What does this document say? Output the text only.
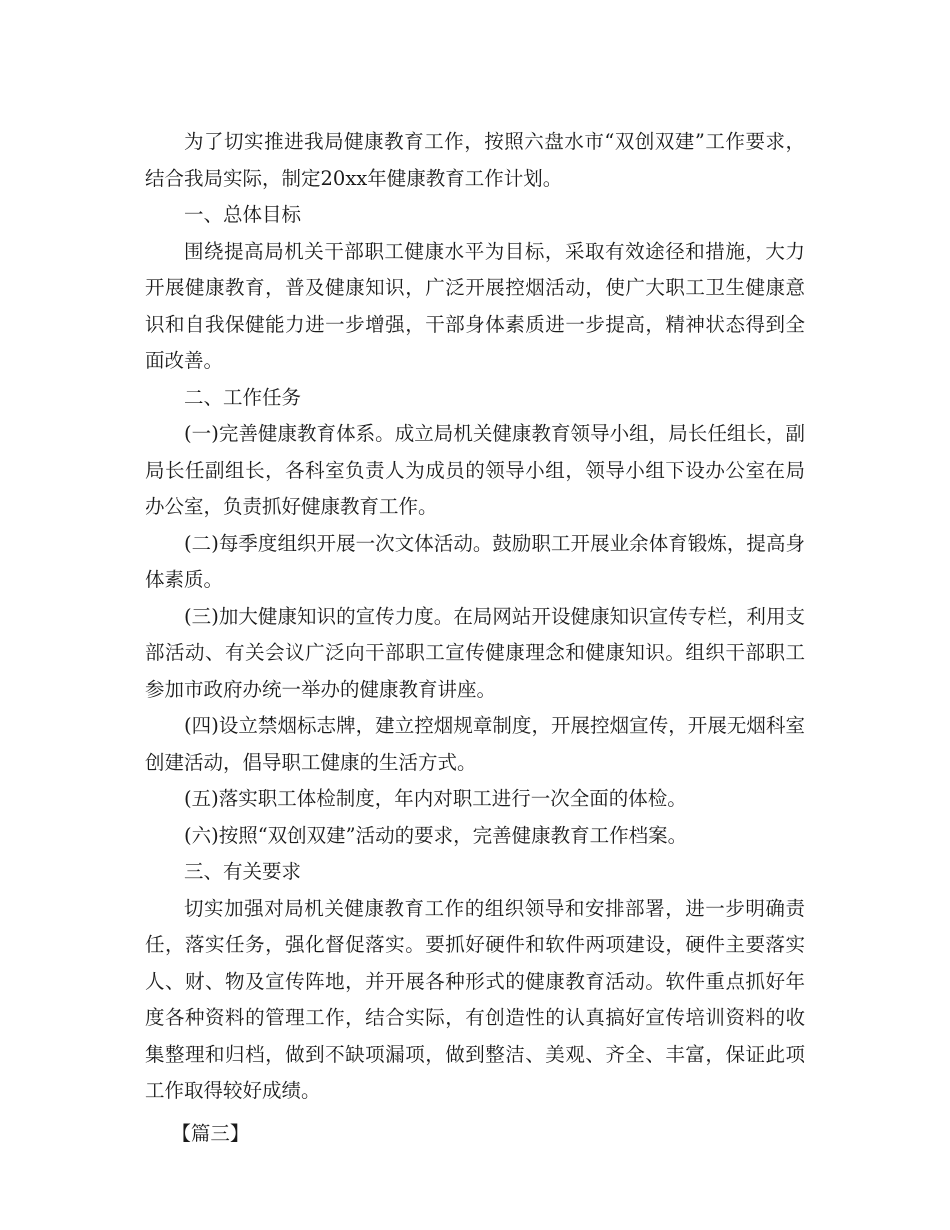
为了切实推进我局健康教育工作，按照六盘水市“双创双建”工作要求，结合我局实际，制定20xx年健康教育工作计划。

一、总体目标

围绕提高局机关干部职工健康水平为目标，采取有效途径和措施，大力开展健康教育，普及健康知识，广泛开展控烟活动，使广大职工卫生健康意识和自我保健能力进一步增强，干部身体素质进一步提高，精神状态得到全面改善。

二、工作任务

(一)完善健康教育体系。成立局机关健康教育领导小组，局长任组长，副局长任副组长，各科室负责人为成员的领导小组，领导小组下设办公室在局办公室，负责抓好健康教育工作。

(二)每季度组织开展一次文体活动。鼓励职工开展业余体育锻炼，提高身体素质。

(三)加大健康知识的宣传力度。在局网站开设健康知识宣传专栏，利用支部活动、有关会议广泛向干部职工宣传健康理念和健康知识。组织干部职工参加市政府办统一举办的健康教育讲座。

(四)设立禁烟标志牌，建立控烟规章制度，开展控烟宣传，开展无烟科室创建活动，倡导职工健康的生活方式。

(五)落实职工体检制度，年内对职工进行一次全面的体检。

(六)按照“双创双建”活动的要求，完善健康教育工作档案。

三、有关要求

切实加强对局机关健康教育工作的组织领导和安排部署，进一步明确责任，落实任务，强化督促落实。要抓好硬件和软件两项建设，硬件主要落实人、财、物及宣传阵地，并开展各种形式的健康教育活动。软件重点抓好年度各种资料的管理工作，结合实际，有创造性的认真搞好宣传培训资料的收集整理和归档，做到不缺项漏项，做到整洁、美观、齐全、丰富，保证此项工作取得较好成绩。

【篇三】
